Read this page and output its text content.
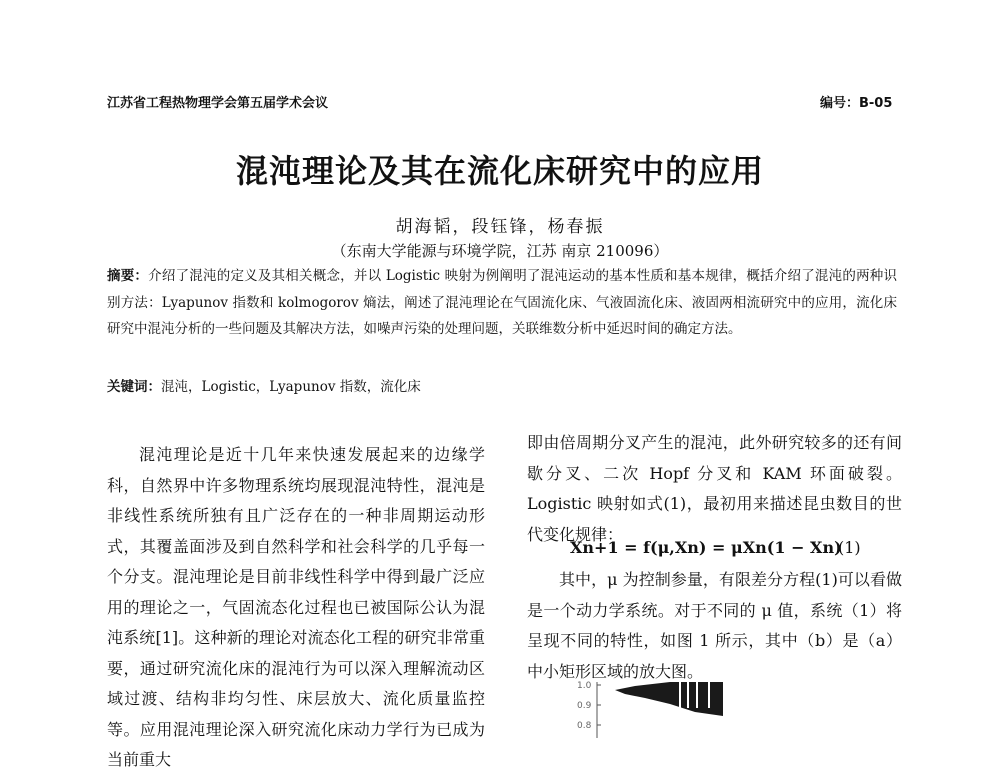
江苏省工程热物理学会第五届学术会议	编号：B-05
混沌理论及其在流化床研究中的应用
胡海韬，段钰锋，杨春振
（东南大学能源与环境学院，江苏 南京 210096）
摘要：介绍了混沌的定义及其相关概念，并以 Logistic 映射为例阐明了混沌运动的基本性质和基本规律，概括介绍了混沌的两种识别方法：Lyapunov 指数和 kolmogorov 熵法，阐述了混沌理论在气固流化床、气液固流化床、液固两相流研究中的应用，流化床研究中混沌分析的一些问题及其解决方法，如噪声污染的处理问题，关联维数分析中延迟时间的确定方法。
关键词：混沌，Logistic，Lyapunov 指数，流化床
混沌理论是近十几年来快速发展起来的边缘学科，自然界中许多物理系统均展现混沌特性，混沌是非线性系统所独有且广泛存在的一种非周期运动形式，其覆盖面涉及到自然科学和社会科学的几乎每一个分支。混沌理论是目前非线性科学中得到最广泛应用的理论之一，气固流态化过程也已被国际公认为混沌系统[1]。这种新的理论对流态化工程的研究非常重要，通过研究流化床的混沌行为可以深入理解流动区域过渡、结构非均匀性、床层放大、流化质量监控等。应用混沌理论深入研究流化床动力学行为已成为当前重大
即由倍周期分叉产生的混沌，此外研究较多的还有间歇分叉、二次 Hopf 分叉和 KAM 环面破裂。Logistic 映射如式(1)，最初用来描述昆虫数目的世代变化规律：
Xn+1 = f(μ,Xn) = μXn(1 − Xn)
(1)
其中，μ 为控制参量，有限差分方程(1)可以看做是一个动力学系统。对于不同的 μ 值，系统（1）将呈现不同的特性，如图 1 所示，其中（b）是（a）中小矩形区域的放大图。
1.0
0.9
0.8
